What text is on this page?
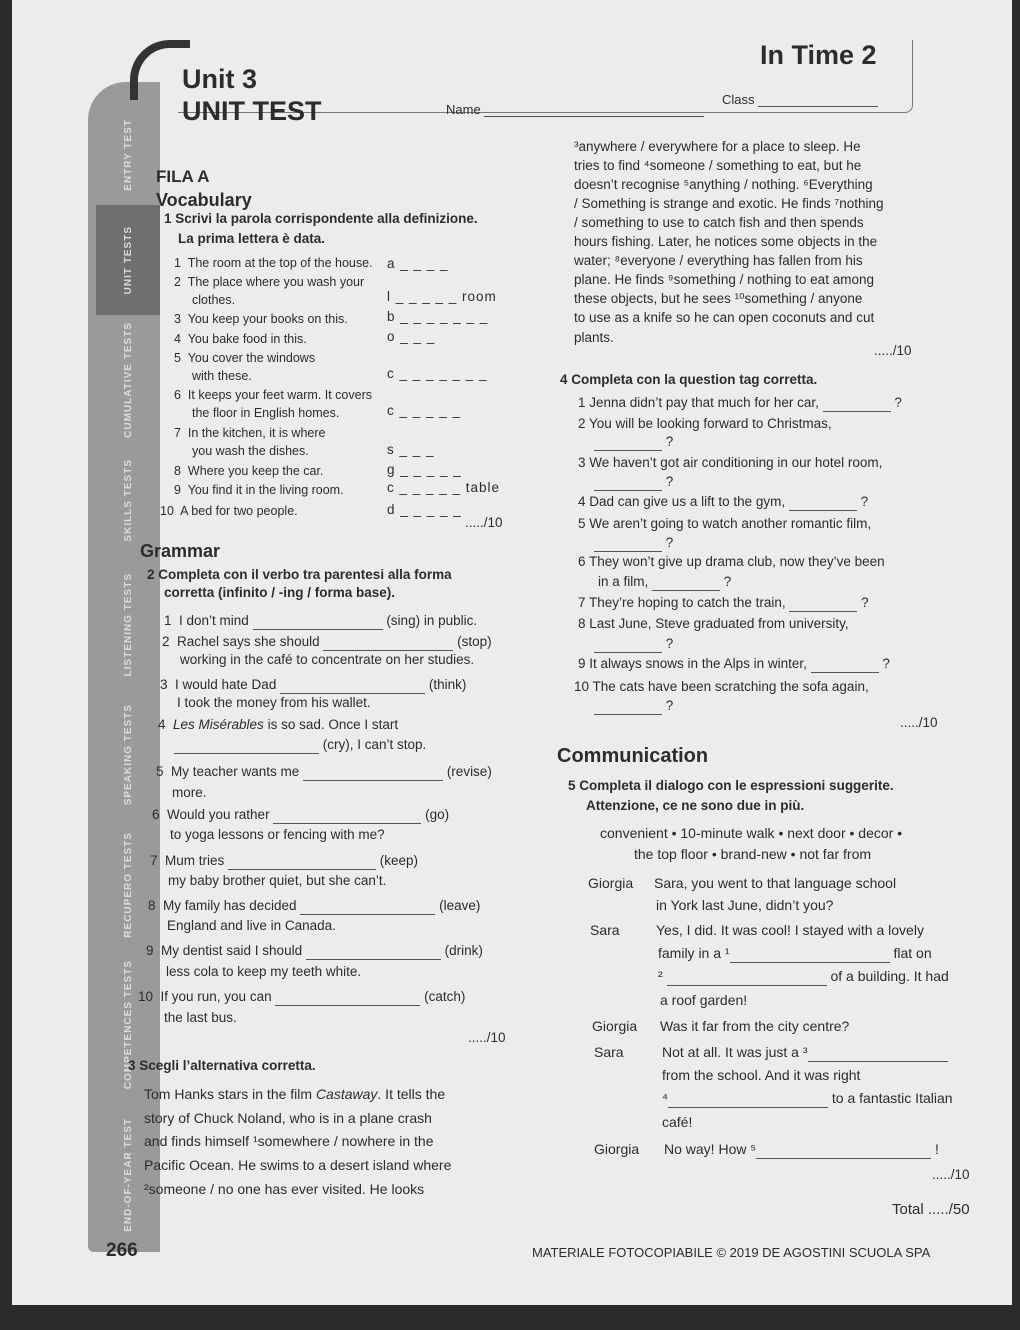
ENTRY TEST
UNIT TESTS
CUMULATIVE TESTS
SKILLS TESTS
LISTENING TESTS
SPEAKING TESTS
RECUPERO TESTS
COMPETENCES TESTS
END-OF-YEAR TEST
In Time 2
Unit 3
UNIT TEST	Name
Class
FILA A
Vocabulary
1 Scrivi la parola corrispondente alla definizione.
La prima lettera è data.
1 The room at the top of the house. a _ _ _ _
2 The place where you wash your
clothes.	l _ _ _ _ _ room
3 You keep your books on this.	b _ _ _ _ _ _ _
4 You bake food in this.	o _ _ _
5 You cover the windows
with these.	c _ _ _ _ _ _ _
6 It keeps your feet warm. It covers
the floor in English homes.	c _ _ _ _ _
7 In the kitchen, it is where
you wash the dishes.	s _ _ _
8 Where you keep the car.	g _ _ _ _ _
9 You find it in the living room.	c _ _ _ _ _ table
10 A bed for two people.	d _ _ _ _ _
...../10
Grammar
2 Completa con il verbo tra parentesi alla forma
corretta (infinito / -ing / forma base).
1  I don’t mind	(sing) in public.
2  Rachel says she should	(stop)
working in the café to concentrate on her studies.
3  I would hate Dad	(think)
I took the money from his wallet.
4  Les Misérables is so sad. Once I start
(cry), I can’t stop.
5  My teacher wants me	(revise)
more.
6  Would you rather	(go)
to yoga lessons or fencing with me?
7  Mum tries	(keep)
my baby brother quiet, but she can’t.
8  My family has decided	(leave)
England and live in Canada.
9  My dentist said I should	(drink)
less cola to keep my teeth white.
10  If you run, you can	(catch)
the last bus.
...../10
3 Scegli l’alternativa corretta.
Tom Hanks stars in the film Castaway. It tells the
story of Chuck Noland, who is in a plane crash
and finds himself ¹somewhere / nowhere in the
Pacific Ocean. He swims to a desert island where
²someone / no one has ever visited. He looks
³anywhere / everywhere for a place to sleep. He
tries to find ⁴someone / something to eat, but he
doesn’t recognise ⁵anything / nothing. ⁶Everything
/ Something is strange and exotic. He finds ⁷nothing
/ something to use to catch fish and then spends
hours fishing. Later, he notices some objects in the
water; ⁸everyone / everything has fallen from his
plane. He finds ⁹something / nothing to eat among
these objects, but he sees ¹⁰something / anyone
to use as a knife so he can open coconuts and cut
plants.
...../10
4 Completa con la question tag corretta.
1 Jenna didn’t pay that much for her car,	?
2 You will be looking forward to Christmas,
?
3 We haven’t got air conditioning in our hotel room,
?
4 Dad can give us a lift to the gym,	?
5 We aren’t going to watch another romantic film,
?
6 They won’t give up drama club, now they’ve been
in a film,	?
7 They’re hoping to catch the train,	?
8 Last June, Steve graduated from university,
?
9 It always snows in the Alps in winter,	?
10 The cats have been scratching the sofa again,
?
...../10
Communication
5 Completa il dialogo con le espressioni suggerite.
Attenzione, ce ne sono due in più.
convenient • 10-minute walk • next door • decor •
the top floor • brand-new • not far from
Giorgia Sara, you went to that language school
in York last June, didn’t you?
Sara	Yes, I did. It was cool! I stayed with a lovely
family in a ¹	flat on
²	of a building. It had
a roof garden!
Giorgia Was it far from the city centre?
Sara	Not at all. It was just a ³
from the school. And it was right
⁴	to a fantastic Italian
café!
Giorgia No way! How ⁵	!
...../10
Total ...../50
266	MATERIALE FOTOCOPIABILE © 2019 DE AGOSTINI SCUOLA SPA
